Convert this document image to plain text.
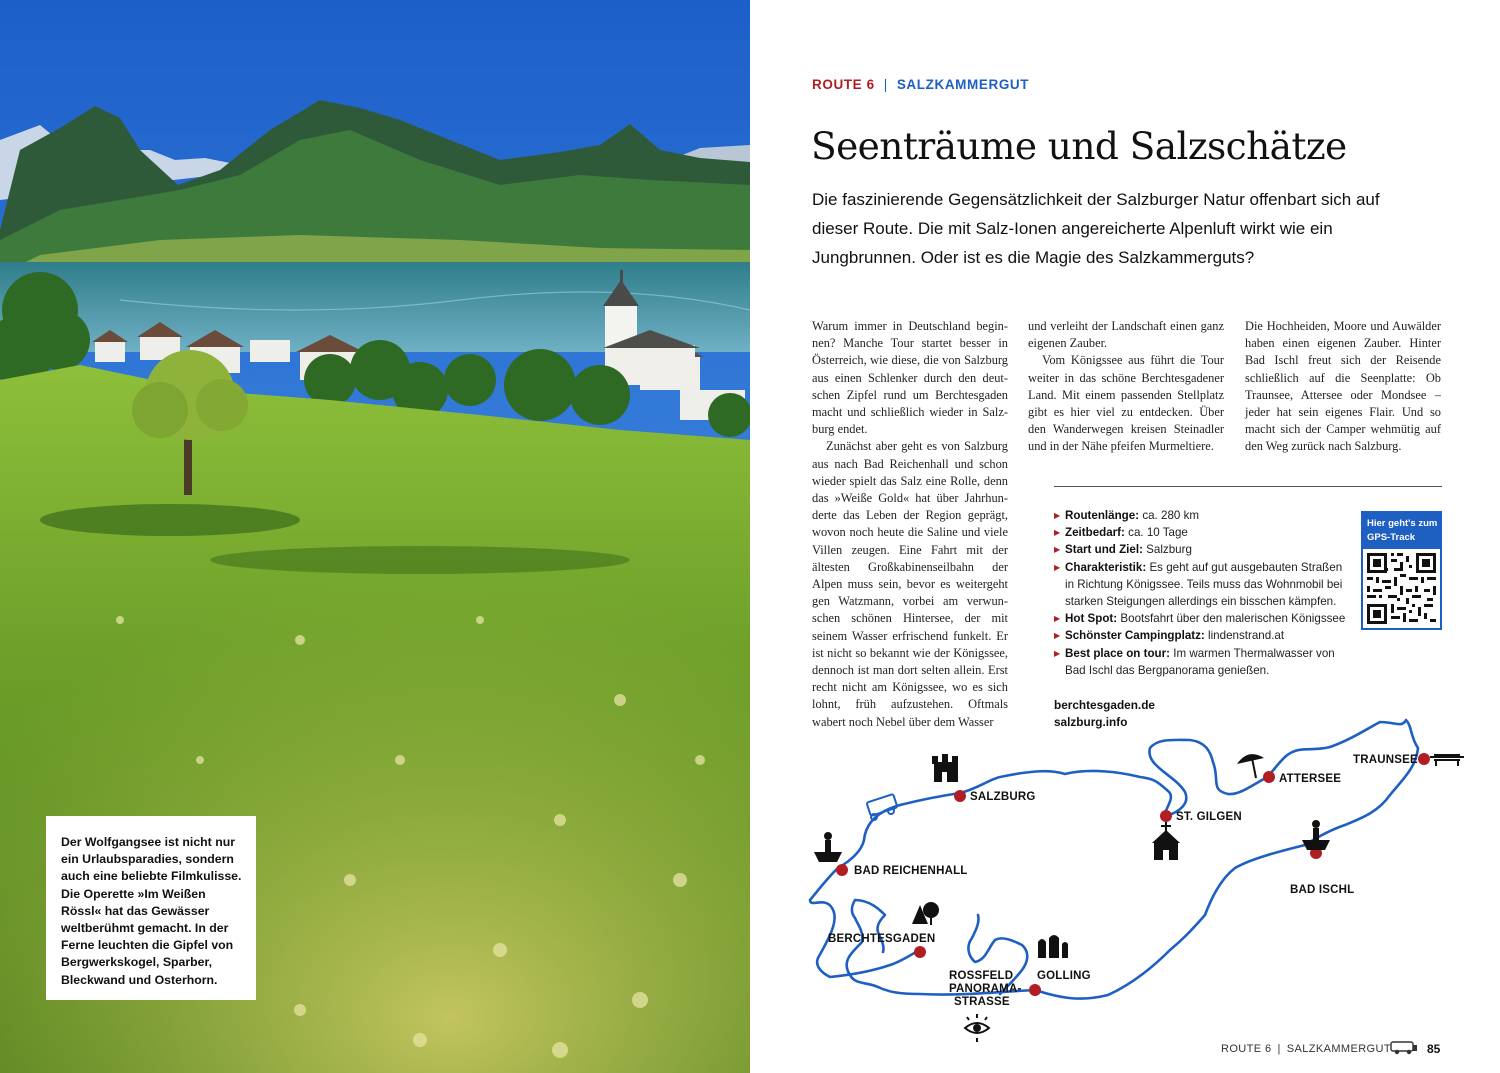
Der Wolfgangsee ist nicht nur
ein Urlaubsparadies, sondern
auch eine beliebte Filmkulisse.
Die Operette »Im Weißen
Rössl« hat das Gewässer
weltberühmt gemacht. In der
Ferne leuchten die Gipfel von
Bergwerkskogel, Sparber,
Bleckwand und Osterhorn.
ROUTE 6 | SALZKAMMERGUT
Seenträume und Salzschätze

Die faszinierende Gegensätzlichkeit der Salzburger Natur offenbart sich auf dieser Route. Die mit Salz-Ionen angereicherte Alpenluft wirkt wie ein Jungbrunnen. Oder ist es die Magie des Salzkammerguts?

Warum immer in Deutschland beginnen? Manche Tour startet besser in Österreich, wie diese, die von Salzburg aus einen Schlenker durch den deutschen Zipfel rund um Berchtesgaden macht und schließlich wieder in Salzburg endet.

Zunächst aber geht es von Salzburg aus nach Bad Reichenhall und schon wieder spielt das Salz eine Rolle, denn das »Weiße Gold« hat über Jahrhunderte das Leben der Region geprägt, wovon noch heute die Saline und viele Villen zeugen. Eine Fahrt mit der ältesten Großkabinenseilbahn der Alpen muss sein, bevor es weitergeht gen Watzmann, vorbei am verwunschen schönen Hintersee, der mit seinem Wasser erfrischend funkelt. Er ist nicht so bekannt wie der Königssee, dennoch ist man dort selten allein. Erst recht nicht am Königssee, wo es sich lohnt, früh aufzustehen. Oftmals wabert noch Nebel über dem Wasser

und verleiht der Landschaft einen ganz eigenen Zauber.

Vom Königssee aus führt die Tour weiter in das schöne Berchtesgadener Land. Mit einem passenden Stellplatz gibt es hier viel zu entdecken. Über den Wanderwegen kreisen Steinadler und in der Nähe pfeifen Murmeltiere.

Die Hochheiden, Moore und Auwälder haben einen eigenen Zauber. Hinter Bad Ischl freut sich der Reisende schließlich auf die Seenplatte: Ob Traunsee, Attersee oder Mondsee – jeder hat sein eigenes Flair. Und so macht sich der Camper wehmütig auf den Weg zurück nach Salzburg.

▶ Routenlänge: ca. 280 km
▶ Zeitbedarf: ca. 10 Tage
▶ Start und Ziel: Salzburg
▶ Charakteristik: Es geht auf gut ausgebauten Straßen in Richtung Königssee. Teils muss das Wohnmobil bei starken Steigungen allerdings ein bisschen kämpfen.
▶ Hot Spot: Bootsfahrt über den malerischen Königssee
▶ Schönster Campingplatz: lindenstrand.at
▶ Best place on tour: Im warmen Thermalwasser von Bad Ischl das Bergpanorama genießen.
berchtesgaden.de
salzburg.info
Hier geht's zum GPS-Track
SALZBURG
ST. GILGEN
ATTERSEE
TRAUNSEE
BAD ISCHL
BAD REICHENHALL
BERCHTESGADEN
GOLLING
ROSSFELD
PANORAMA-
STRASSE
ROUTE 6 | SALZKAMMERGUT	85
